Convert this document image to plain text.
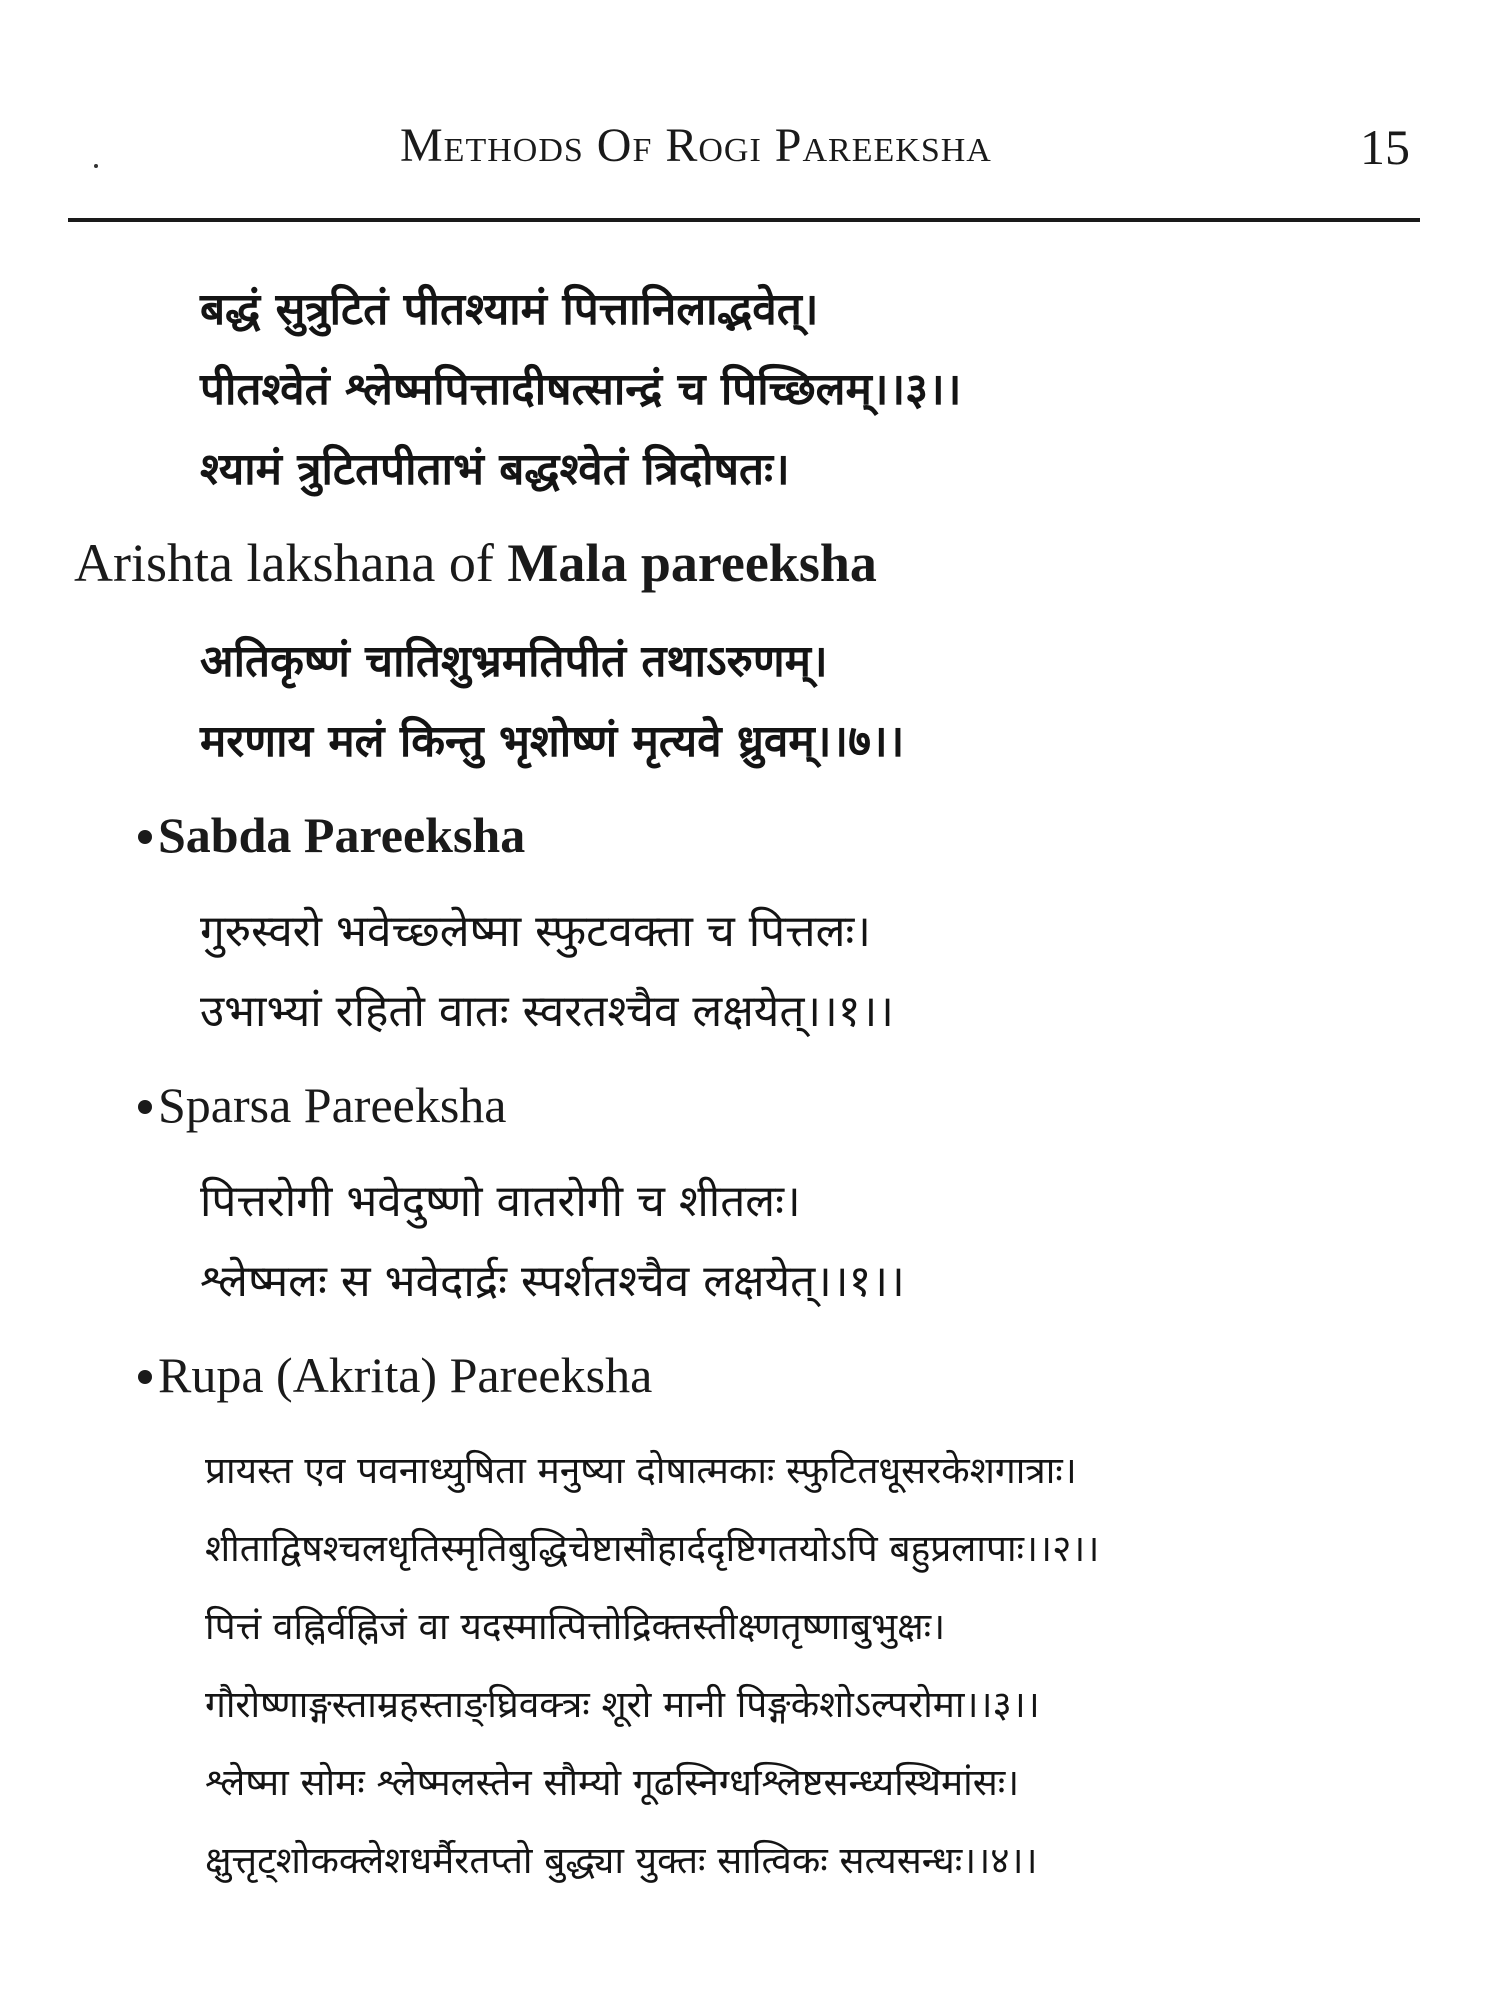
Methods Of Rogi Pareeksha	15
बद्धं सुत्रुटितं पीतश्यामं पित्तानिलाद्भवेत्।
पीतश्वेतं श्लेष्मपित्तादीषत्सान्द्रं च पिच्छिलम्।।३।।
श्यामं त्रुटितपीताभं बद्धश्वेतं त्रिदोषतः।
Arishta lakshana of Mala pareeksha
अतिकृष्णं चातिशुभ्रमतिपीतं तथाऽरुणम्।
मरणाय मलं किन्तु भृशोष्णं मृत्यवे ध्रुवम्।।७।।
Sabda Pareeksha
गुरुस्वरो भवेच्छ्लेष्मा स्फुटवक्ता च पित्तलः।
उभाभ्यां रहितो वातः स्वरतश्चैव लक्षयेत्।।१।।
Sparsa Pareeksha
पित्तरोगी भवेदुष्णो वातरोगी च शीतलः।
श्लेष्मलः स भवेदार्द्रः स्पर्शतश्चैव लक्षयेत्।।१।।
Rupa (Akrita) Pareeksha
प्रायस्त एव पवनाध्युषिता मनुष्या दोषात्मकाः स्फुटितधूसरकेशगात्राः।
शीताद्विषश्चलधृतिस्मृतिबुद्धिचेष्टासौहार्ददृष्टिगतयोऽपि बहुप्रलापाः।।२।।
पित्तं वह्निर्वह्निजं वा यदस्मात्पित्तोद्रिक्तस्तीक्ष्णतृष्णाबुभुक्षः।
गौरोष्णाङ्गस्ताम्रहस्ताङ्घ्रिवक्त्रः शूरो मानी पिङ्गकेशोऽल्परोमा।।३।।
श्लेष्मा सोमः श्लेष्मलस्तेन सौम्यो गूढस्निग्धश्लिष्टसन्ध्यस्थिमांसः।
क्षुत्तृट्शोकक्लेशधर्मैरतप्तो बुद्ध्या युक्तः सात्विकः सत्यसन्धः।।४।।
